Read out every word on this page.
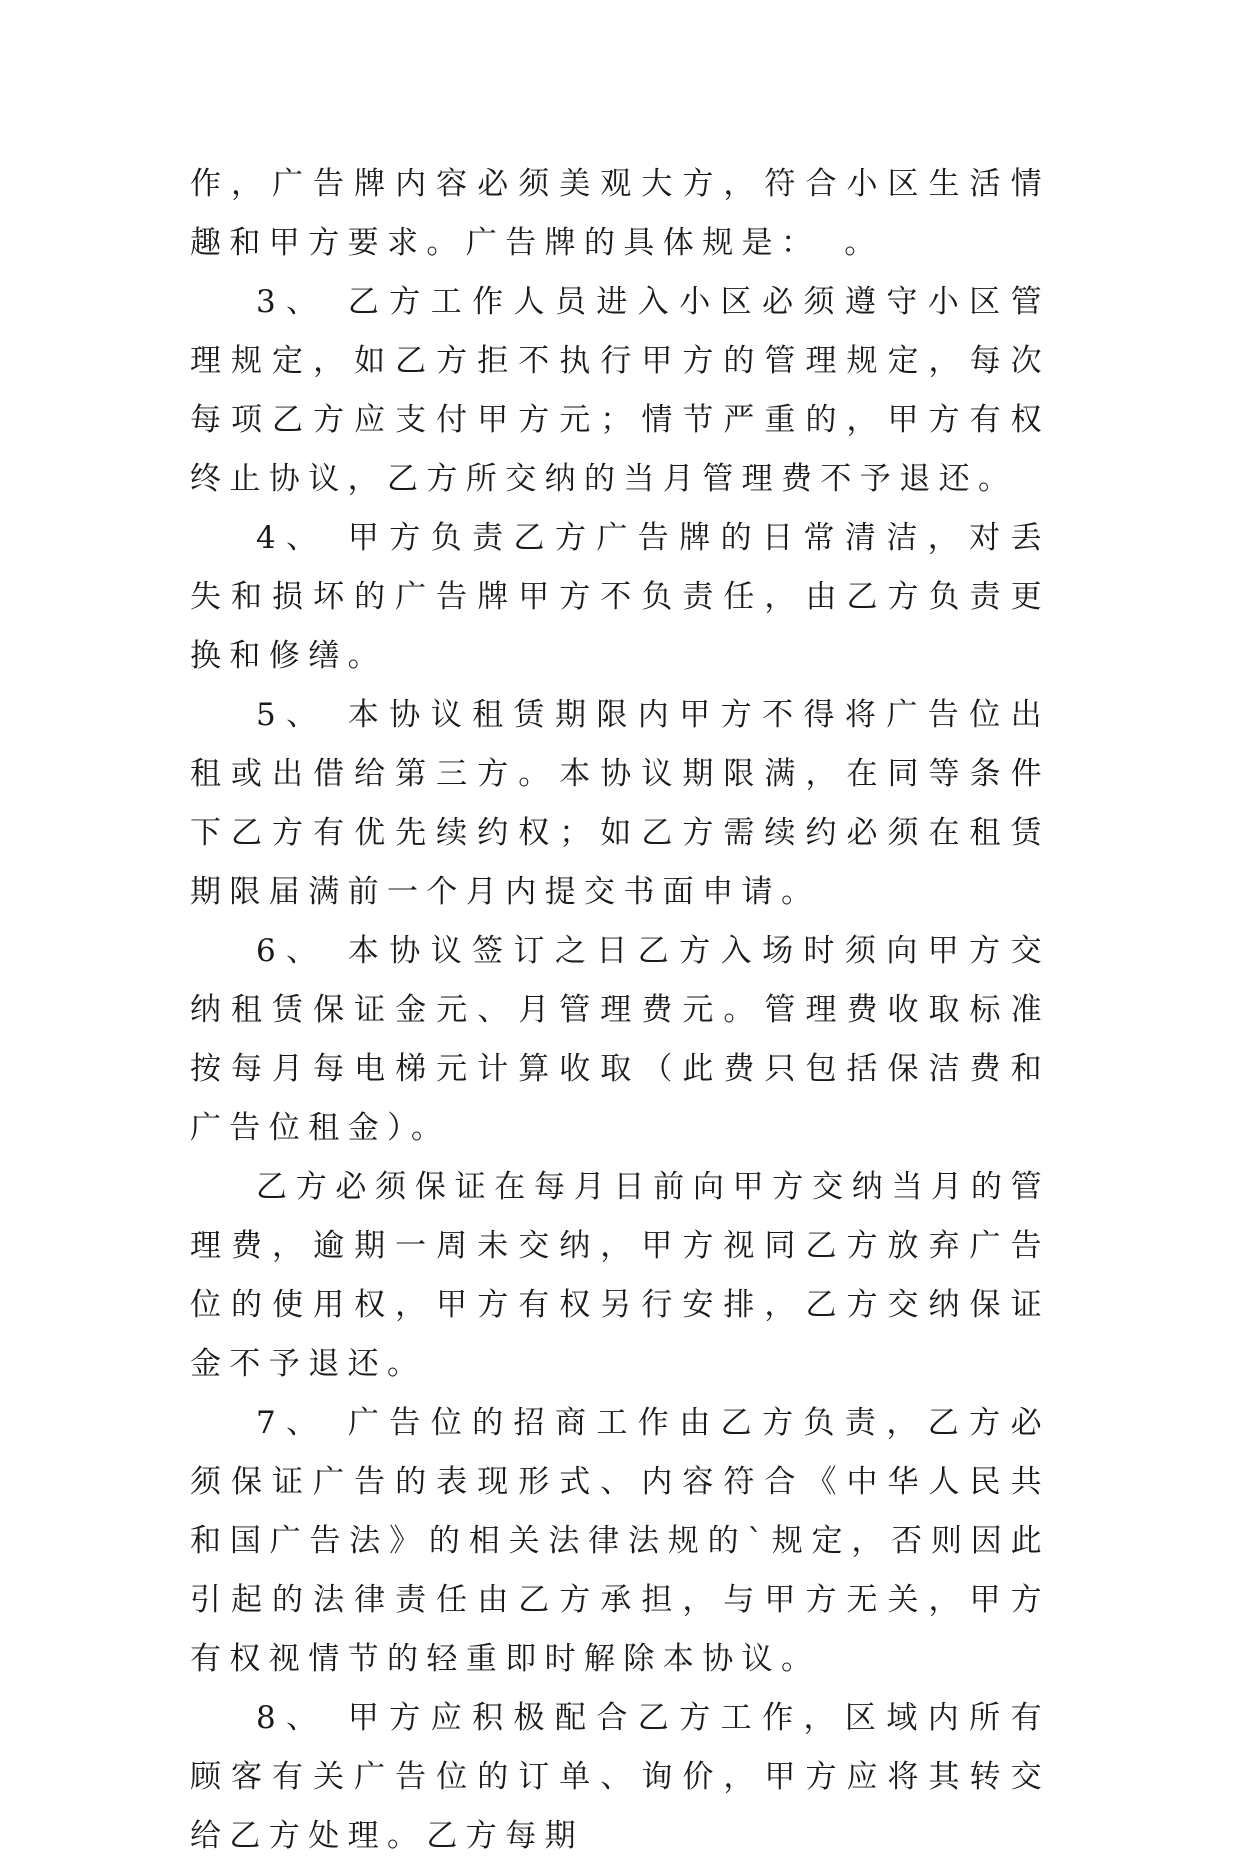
作，广告牌内容必须美观大方，符合小区生活情趣和甲方要求。广告牌的具体规是：　。

3、 乙方工作人员进入小区必须遵守小区管理规定，如乙方拒不执行甲方的管理规定，每次每项乙方应支付甲方元；情节严重的，甲方有权终止协议，乙方所交纳的当月管理费不予退还。

4、 甲方负责乙方广告牌的日常清洁，对丢失和损坏的广告牌甲方不负责任，由乙方负责更换和修缮。

5、 本协议租赁期限内甲方不得将广告位出租或出借给第三方。本协议期限满，在同等条件下乙方有优先续约权；如乙方需续约必须在租赁期限届满前一个月内提交书面申请。

6、 本协议签订之日乙方入场时须向甲方交纳租赁保证金元、月管理费元。管理费收取标准按每月每电梯元计算收取（此费只包括保洁费和广告位租金）。

乙方必须保证在每月日前向甲方交纳当月的管理费，逾期一周未交纳，甲方视同乙方放弃广告位的使用权，甲方有权另行安排，乙方交纳保证金不予退还。

7、 广告位的招商工作由乙方负责，乙方必须保证广告的表现形式、内容符合《中华人民共和国广告法》的相关法律法规的`规定，否则因此引起的法律责任由乙方承担，与甲方无关，甲方有权视情节的轻重即时解除本协议。

8、 甲方应积极配合乙方工作，区域内所有顾客有关广告位的订单、询价，甲方应将其转交给乙方处理。乙方每期
